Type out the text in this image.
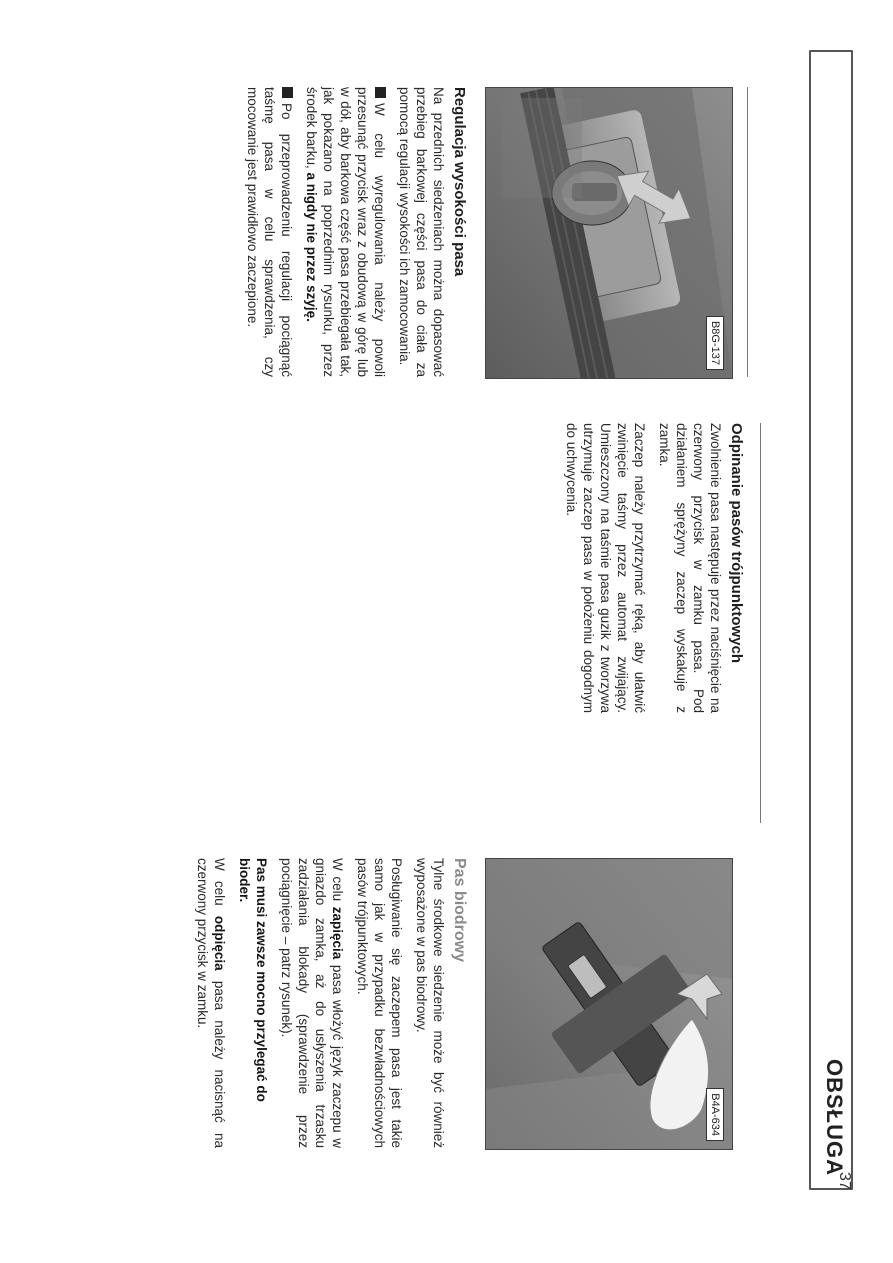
OBSŁUGA
B8G-137
B4A-634
Regulacja wysokości pasa

Na przednich siedzeniach można dopasować przebieg barkowej części pasa do ciała za pomocą regulacji wysokości ich zamocowania.

W celu wyregulowania należy powoli przesunąć przycisk wraz z obudową w górę lub w dół, aby barkowa część pasa przebiegała tak, jak pokazano na poprzednim rysunku, przez środek barku, a nigdy nie przez szyję.

Po przeprowadzeniu regulacji pociągnąć taśmę pasa w celu sprawdzenia, czy mocowanie jest prawidłowo zaczepione.

Odpinanie pasów trójpunktowych

Zwolnienie pasa następuje przez naciśnięcie na czerwony przycisk w zamku pasa. Pod działaniem sprężyny zaczep wyskakuje z zamka.

Zaczep należy przytrzymać ręką, aby ułatwić zwinięcie taśmy przez automat zwijający. Umieszczony na taśmie pasa guzik z tworzywa utrzymuje zaczep pasa w położeniu dogodnym do uchwycenia.

Pas biodrowy

Tylne środkowe siedzenie może być również wyposażone w pas biodrowy.

Posługiwanie się zaczepem pasa jest takie samo jak w przypadku bezwładnościowych pasów trójpunktowych.

W celu zapięcia pasa włożyć język zaczepu w gniazdo zamka, aż do usłyszenia trzasku zadziałania blokady (sprawdzenie przez pociągnięcie – patrz rysunek).

Pas musi zawsze mocno przylegać do bioder.

W celu odpięcia pasa należy nacisnąć na czerwony przycisk w zamku.

37
